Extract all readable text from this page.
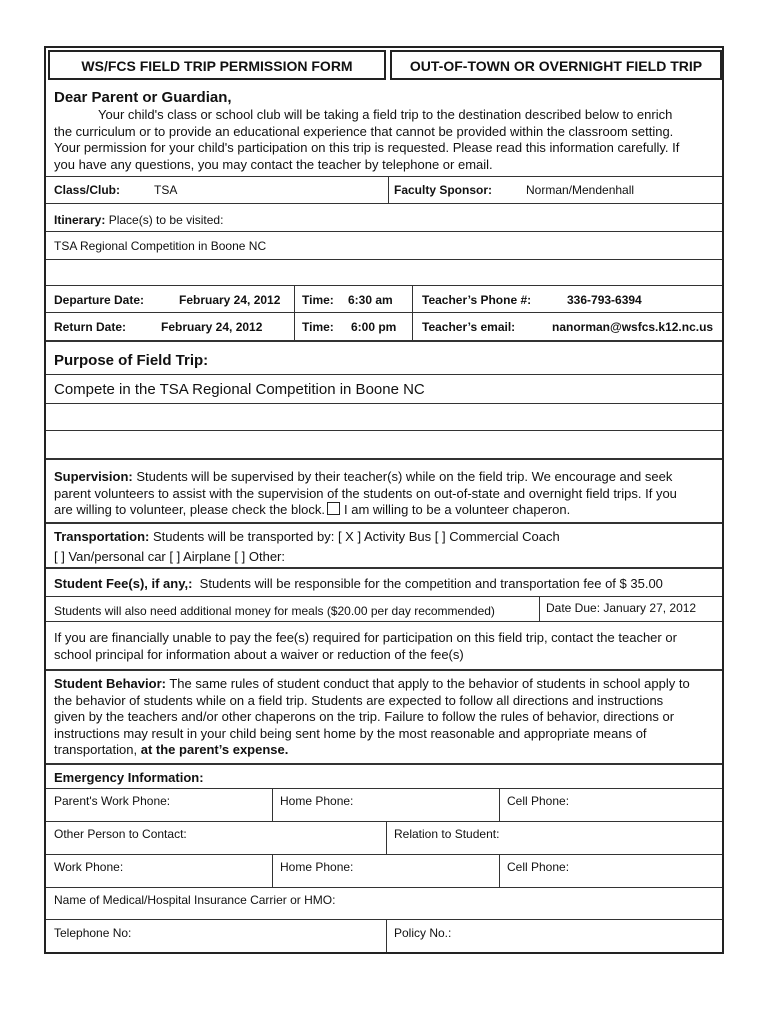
WS/FCS FIELD TRIP PERMISSION FORM	OUT-OF-TOWN OR OVERNIGHT FIELD TRIP
Dear Parent or Guardian,
Your child's class or school club will be taking a field trip to the destination described below to enrich
the curriculum or to provide an educational experience that cannot be provided within the classroom setting.
Your permission for your child's participation on this trip is requested. Please read this information carefully. If
you have any questions, you may contact the teacher by telephone or email.
Class/Club:	TSA	Faculty Sponsor:	Norman/Mendenhall
Itinerary: Place(s) to be visited:
TSA Regional Competition in Boone NC
Departure Date:	February 24, 2012 Time: 6:30 am Teacher’s Phone #:	336-793-6394
Return Date:	February 24, 2012	Time: 6:00 pm Teacher’s email:	nanorman@wsfcs.k12.nc.us
Purpose of Field Trip:
Compete in the TSA Regional Competition in Boone NC
Supervision: Students will be supervised by their teacher(s) while on the field trip. We encourage and seek
parent volunteers to assist with the supervision of the students on out-of-state and overnight field trips. If you
are willing to volunteer, please check the block. I am willing to be a volunteer chaperon.
Transportation: Students will be transported by: [ X ] Activity Bus [ ] Commercial Coach
[ ] Van/personal car [ ] Airplane [ ] Other:
Student Fee(s), if any,: Students will be responsible for the competition and transportation fee of $ 35.00
Students will also need additional money for meals ($20.00 per day recommended)	Date Due: January 27, 2012
If you are financially unable to pay the fee(s) required for participation on this field trip, contact the teacher or
school principal for information about a waiver or reduction of the fee(s)
Student Behavior: The same rules of student conduct that apply to the behavior of students in school apply to
the behavior of students while on a field trip. Students are expected to follow all directions and instructions
given by the teachers and/or other chaperons on the trip. Failure to follow the rules of behavior, directions or
instructions may result in your child being sent home by the most reasonable and appropriate means of
transportation, at the parent’s expense.
Emergency Information:
Parent's Work Phone:	Home Phone:	Cell Phone:
Other Person to Contact:	Relation to Student:
Work Phone:	Home Phone:	Cell Phone:
Name of Medical/Hospital Insurance Carrier or HMO:
Telephone No:	Policy No.:
